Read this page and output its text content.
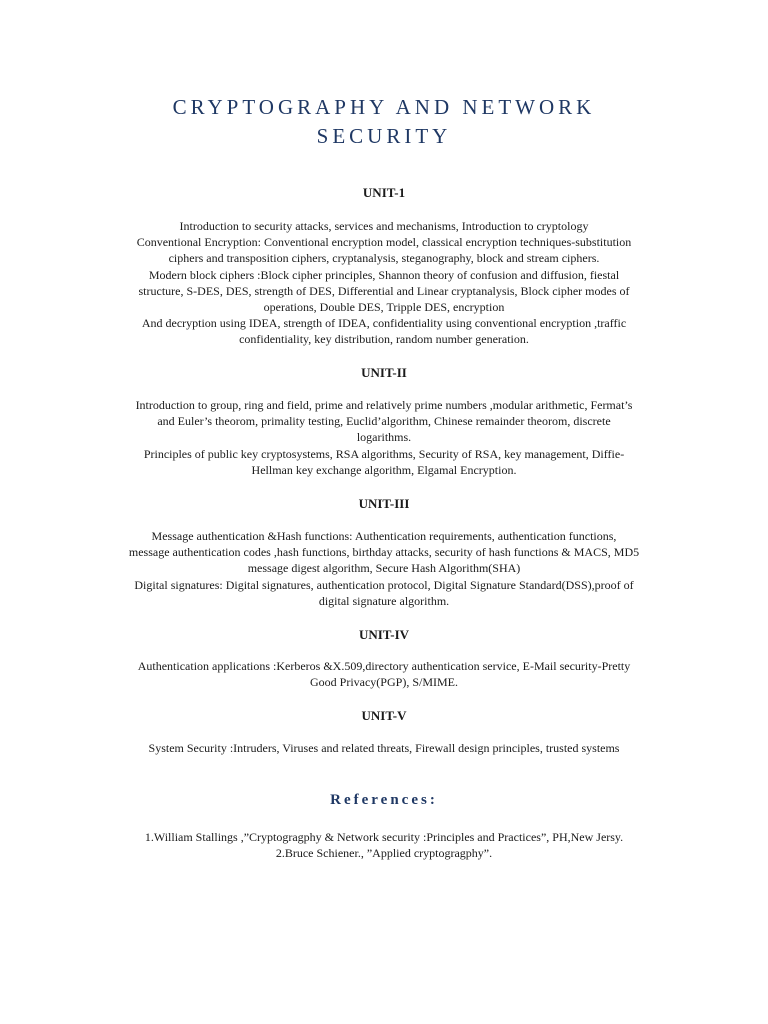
CRYPTOGRAPHY AND NETWORK
SECURITY
UNIT-1
Introduction to security attacks, services and mechanisms, Introduction to cryptology
Conventional Encryption: Conventional encryption model, classical encryption techniques-substitution
ciphers and transposition ciphers, cryptanalysis, steganography, block and stream ciphers.
Modern block ciphers :Block cipher principles, Shannon theory of confusion and diffusion, fiestal
structure, S-DES, DES, strength of DES, Differential and Linear cryptanalysis, Block cipher modes of
operations, Double DES, Tripple DES, encryption
And decryption using IDEA, strength of IDEA, confidentiality using conventional encryption ,traffic
confidentiality, key distribution, random number generation.
UNIT-II
Introduction to group, ring and field, prime and relatively prime numbers ,modular arithmetic, Fermat’s
and Euler’s theorom, primality testing, Euclid’algorithm, Chinese remainder theorom, discrete
logarithms.
Principles of public key cryptosystems, RSA algorithms, Security of RSA, key management, Diffie-
Hellman key exchange algorithm, Elgamal Encryption.
UNIT-III
Message authentication &Hash functions: Authentication requirements, authentication functions,
message authentication codes ,hash functions, birthday attacks, security of hash functions & MACS, MD5
message digest algorithm, Secure Hash Algorithm(SHA)
Digital signatures: Digital signatures, authentication protocol, Digital Signature Standard(DSS),proof of
digital signature algorithm.
UNIT-IV
Authentication applications :Kerberos &X.509,directory authentication service, E-Mail security-Pretty
Good Privacy(PGP), S/MIME.
UNIT-V
System Security :Intruders, Viruses and related threats, Firewall design principles, trusted systems
References:
1.William Stallings ,”Cryptogragphy & Network security :Principles and Practices”, PH,New Jersy.
2.Bruce Schiener., ”Applied cryptogragphy”.
